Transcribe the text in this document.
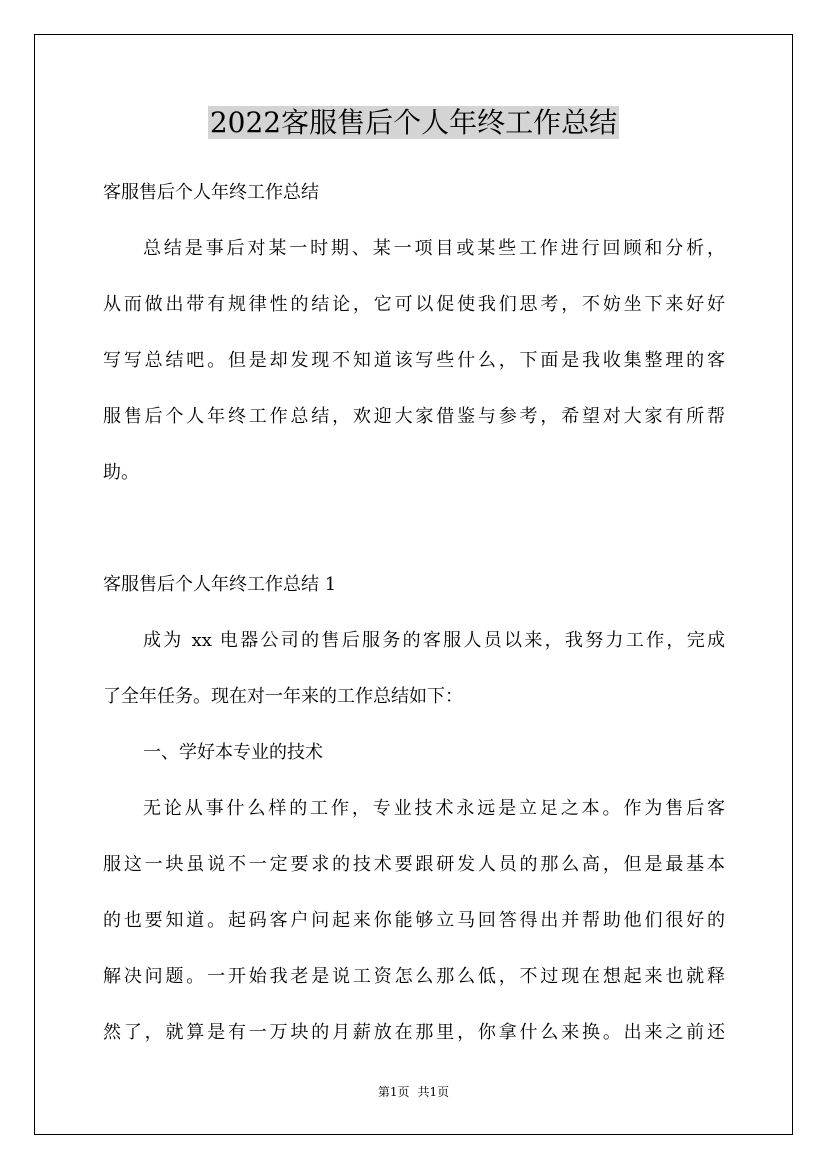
2022客服售后个人年终工作总结
客服售后个人年终工作总结
总结是事后对某一时期、某一项目或某些工作进行回顾和分析，
从而做出带有规律性的结论，它可以促使我们思考，不妨坐下来好好
写写总结吧。但是却发现不知道该写些什么，下面是我收集整理的客
服售后个人年终工作总结，欢迎大家借鉴与参考，希望对大家有所帮
助。
客服售后个人年终工作总结 1
成为 xx 电器公司的售后服务的客服人员以来，我努力工作，完成
了全年任务。现在对一年来的工作总结如下：
一、学好本专业的技术
无论从事什么样的工作，专业技术永远是立足之本。作为售后客
服这一块虽说不一定要求的技术要跟研发人员的那么高，但是最基本
的也要知道。起码客户问起来你能够立马回答得出并帮助他们很好的
解决问题。一开始我老是说工资怎么那么低，不过现在想起来也就释
然了，就算是有一万块的月薪放在那里，你拿什么来换。出来之前还
第1页 共1页
